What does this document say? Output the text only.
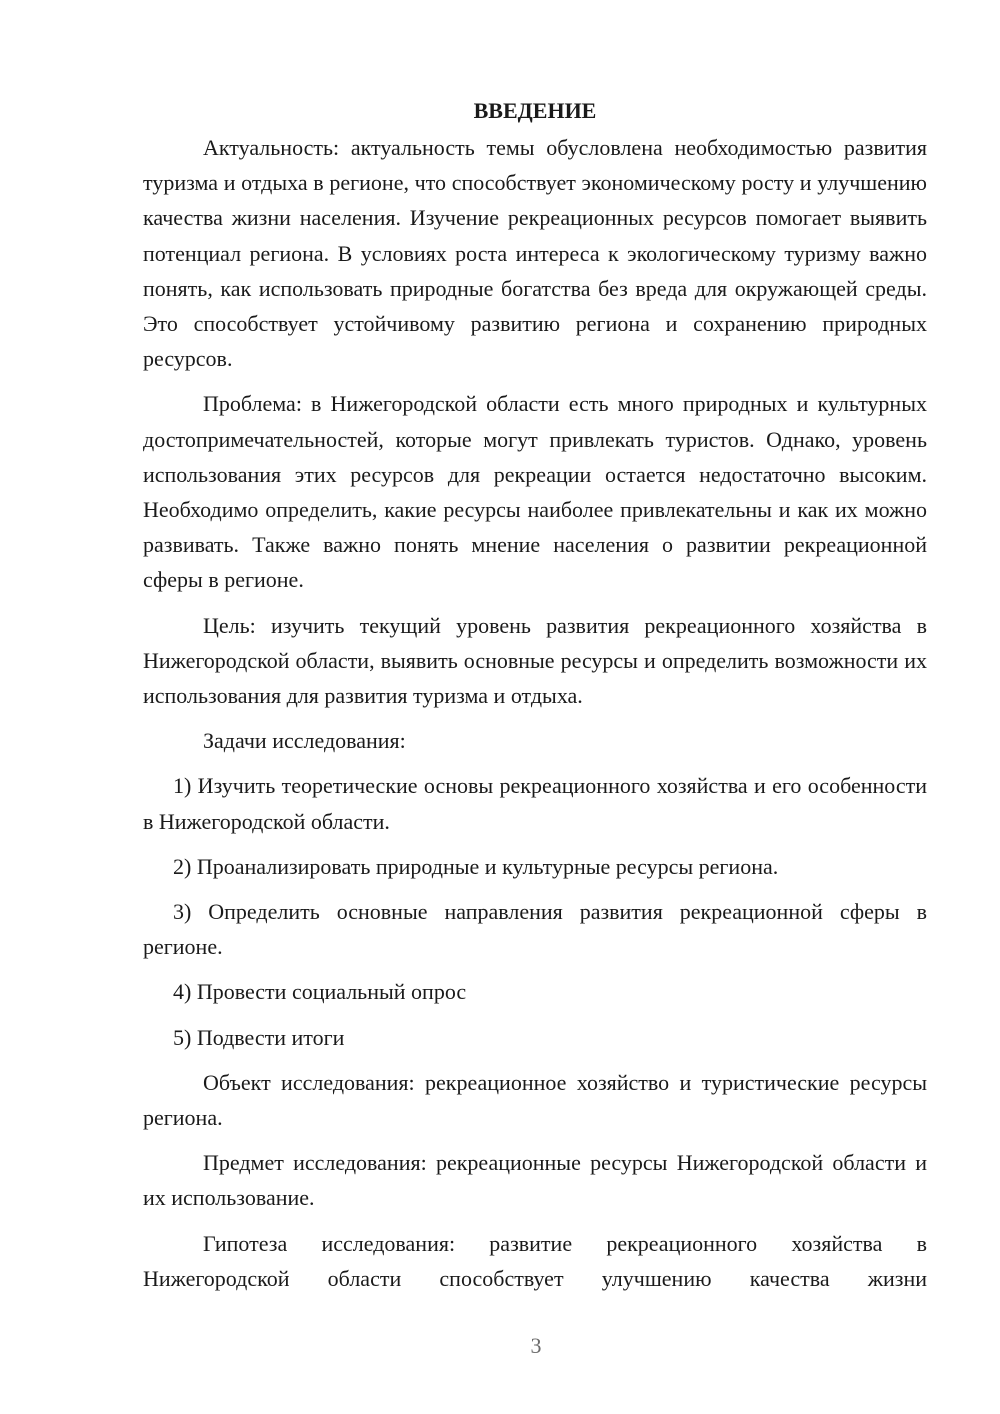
ВВЕДЕНИЕ

Актуальность: актуальность темы обусловлена необходимостью развития туризма и отдыха в регионе, что способствует экономическому росту и улучшению качества жизни населения. Изучение рекреационных ресурсов помогает выявить потенциал региона. В условиях роста интереса к экологическому туризму важно понять, как использовать природные богатства без вреда для окружающей среды. Это способствует устойчивому развитию региона и сохранению природных ресурсов.

Проблема: в Нижегородской области есть много природных и культурных достопримечательностей, которые могут привлекать туристов. Однако, уровень использования этих ресурсов для рекреации остается недостаточно высоким. Необходимо определить, какие ресурсы наиболее привлекательны и как их можно развивать. Также важно понять мнение населения о развитии рекреационной сферы в регионе.

Цель: изучить текущий уровень развития рекреационного хозяйства в Нижегородской области, выявить основные ресурсы и определить возможности их использования для развития туризма и отдыха.

Задачи исследования:

1) Изучить теоретические основы рекреационного хозяйства и его особенности в Нижегородской области.

2) Проанализировать природные и культурные ресурсы региона.

3) Определить основные направления развития рекреационной сферы в регионе.

4) Провести социальный опрос

5) Подвести итоги

Объект исследования: рекреационное хозяйство и туристические ресурсы региона.

Предмет исследования: рекреационные ресурсы Нижегородской области и их использование.

Гипотеза исследования: развитие рекреационного хозяйства в Нижегородской области способствует улучшению качества жизни

3
